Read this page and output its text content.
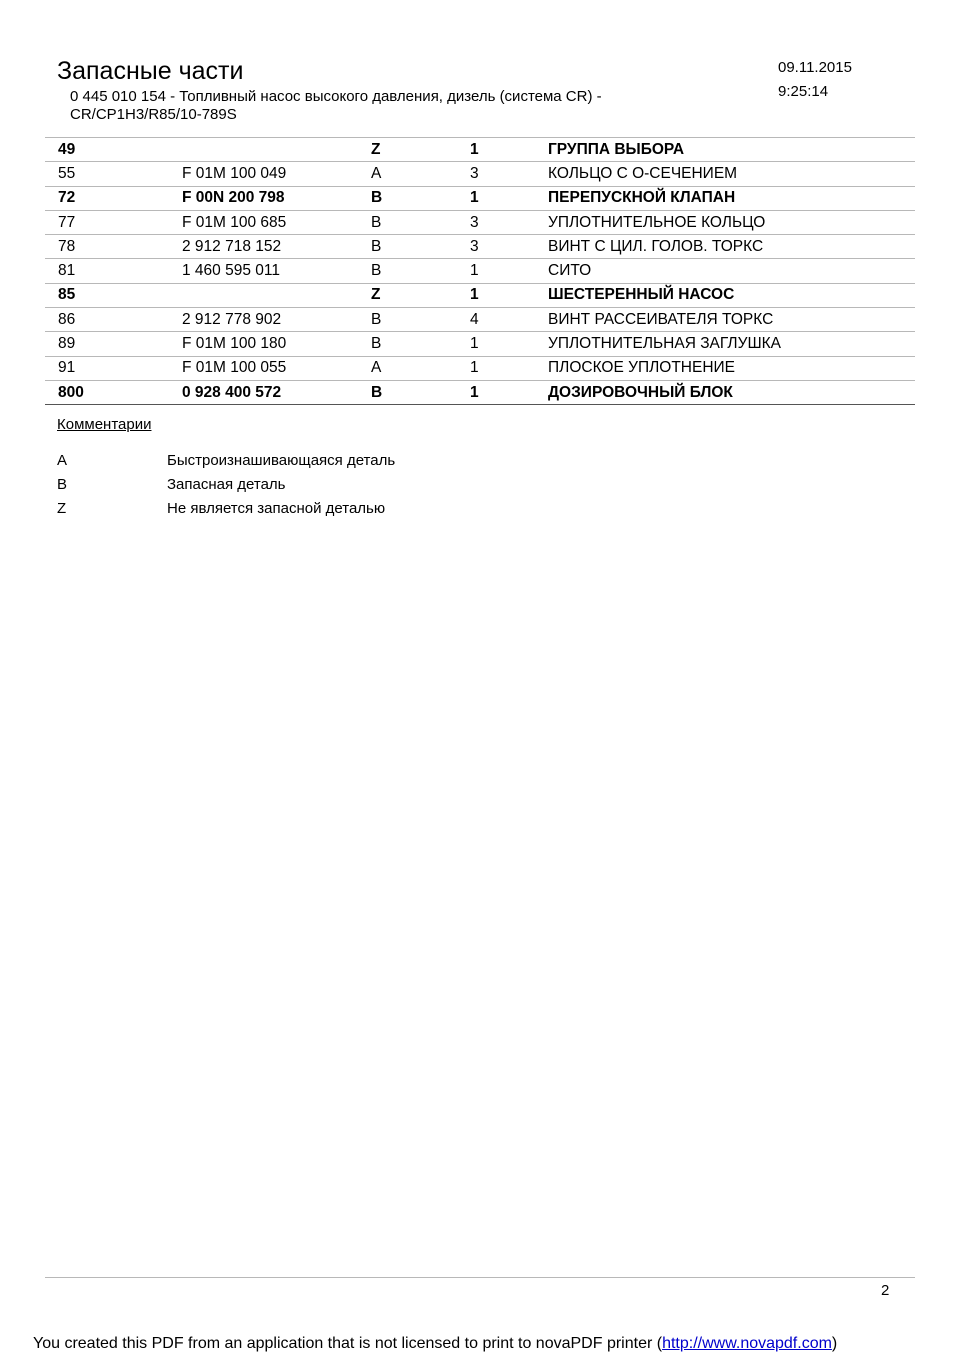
Запасные части
0 445 010 154 - Топливный насос высокого давления, дизель (система CR) - CR/CP1H3/R85/10-789S
09.11.2015
9:25:14
49		Z	1	ГРУППА ВЫБОРА
55	F 01M 100 049	A	3	КОЛЬЦО С О-СЕЧЕНИЕМ
72	F 00N 200 798	B	1	ПЕРЕПУСКНОЙ КЛАПАН
77	F 01M 100 685	B	3	УПЛОТНИТЕЛЬНОЕ КОЛЬЦО
78	2 912 718 152	B	3	ВИНТ С ЦИЛ. ГОЛОВ. ТОРКС
81	1 460 595 011	B	1	СИТО
85		Z	1	ШЕСТЕРЕННЫЙ НАСОС
86	2 912 778 902	B	4	ВИНТ РАССЕИВАТЕЛЯ ТОРКС
89	F 01M 100 180	B	1	УПЛОТНИТЕЛЬНАЯ ЗАГЛУШКА
91	F 01M 100 055	A	1	ПЛОСКОЕ УПЛОТНЕНИЕ
800	0 928 400 572	B	1	ДОЗИРОВОЧНЫЙ БЛОК
Комментарии
A	Быстроизнашивающаяся деталь
B	Запасная деталь
Z	Не является запасной деталью
2
You created this PDF from an application that is not licensed to print to novaPDF printer (http://www.novapdf.com)
